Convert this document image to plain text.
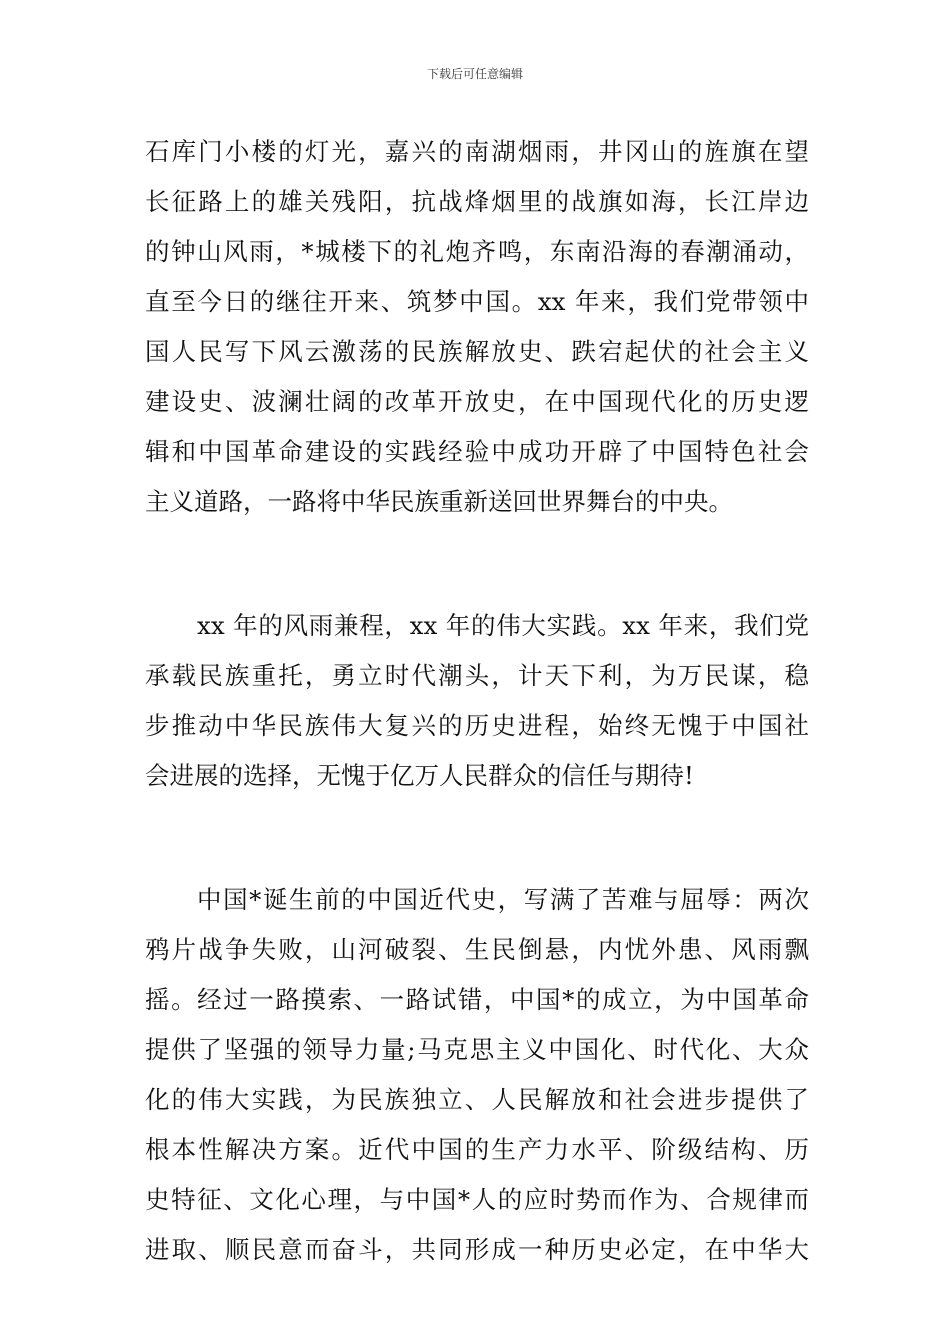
下载后可任意编辑
石库门小楼的灯光，嘉兴的南湖烟雨，井冈山的旌旗在望
长征路上的雄关残阳，抗战烽烟里的战旗如海，长江岸边
的钟山风雨，*城楼下的礼炮齐鸣，东南沿海的春潮涌动，
直至今日的继往开来、筑梦中国。xx 年来，我们党带领中
国人民写下风云激荡的民族解放史、跌宕起伏的社会主义
建设史、波澜壮阔的改革开放史，在中国现代化的历史逻
辑和中国革命建设的实践经验中成功开辟了中国特色社会
主义道路，一路将中华民族重新送回世界舞台的中央。
xx 年的风雨兼程，xx 年的伟大实践。xx 年来，我们党
承载民族重托，勇立时代潮头，计天下利，为万民谋，稳
步推动中华民族伟大复兴的历史进程，始终无愧于中国社
会进展的选择，无愧于亿万人民群众的信任与期待!
中国*诞生前的中国近代史，写满了苦难与屈辱：两次
鸦片战争失败，山河破裂、生民倒悬，内忧外患、风雨飘
摇。经过一路摸索、一路试错，中国*的成立，为中国革命
提供了坚强的领导力量;马克思主义中国化、时代化、大众
化的伟大实践，为民族独立、人民解放和社会进步提供了
根本性解决方案。近代中国的生产力水平、阶级结构、历
史特征、文化心理，与中国*人的应时势而作为、合规律而
进取、顺民意而奋斗，共同形成一种历史必定，在中华大
